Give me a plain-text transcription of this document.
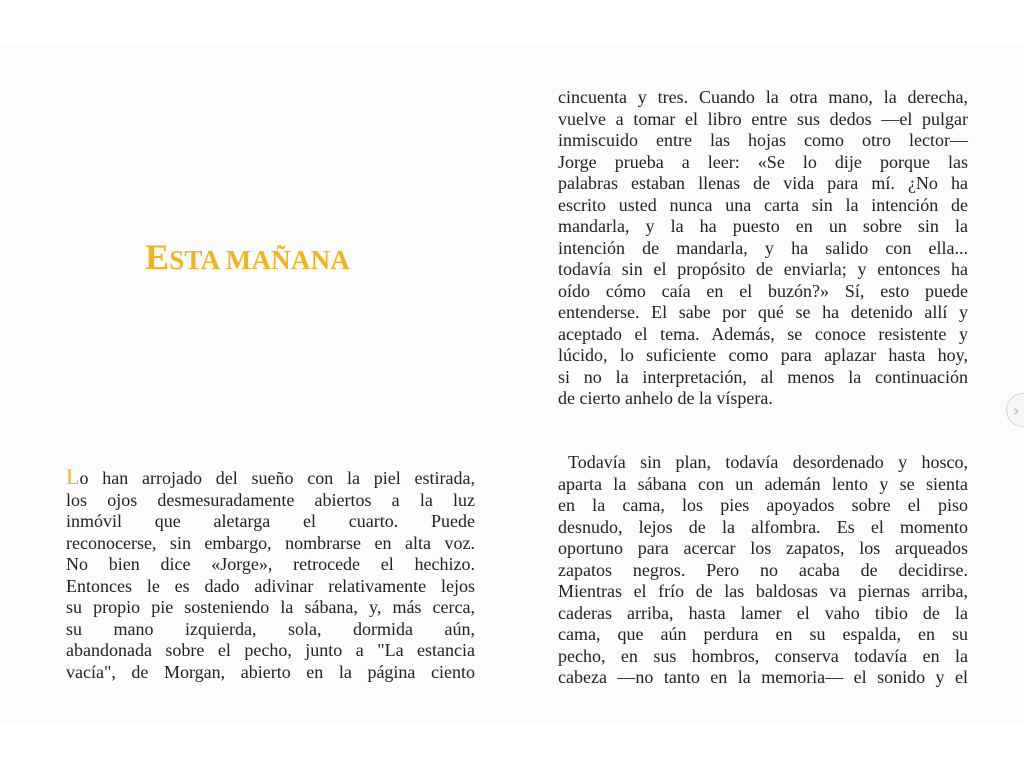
ESTA MAÑANA

Lo han arrojado del sueño con la piel estirada,
los ojos desmesuradamente abiertos a la luz
inmóvil que aletarga el cuarto. Puede
reconocerse, sin embargo, nombrarse en alta voz.
No bien dice «Jorge», retrocede el hechizo.
Entonces le es dado adivinar relativamente lejos
su propio pie sosteniendo la sábana, y, más cerca,
su mano izquierda, sola, dormida aún,
abandonada sobre el pecho, junto a "La estancia
vacía", de Morgan, abierto en la página ciento

cincuenta y tres. Cuando la otra mano, la derecha,
vuelve a tomar el libro entre sus dedos —el pulgar
inmiscuido entre las hojas como otro lector—
Jorge prueba a leer: «Se lo dije porque las
palabras estaban llenas de vida para mí. ¿No ha
escrito usted nunca una carta sin la intención de
mandarla, y la ha puesto en un sobre sin la
intención de mandarla, y ha salido con ella...
todavía sin el propósito de enviarla; y entonces ha
oído cómo caía en el buzón?» Sí, esto puede
entenderse. El sabe por qué se ha detenido allí y
aceptado el tema. Además, se conoce resistente y
lúcido, lo suficiente como para aplazar hasta hoy,
si no la interpretación, al menos la continuación
de cierto anhelo de la víspera.

Todavía sin plan, todavía desordenado y hosco,
aparta la sábana con un ademán lento y se sienta
en la cama, los pies apoyados sobre el piso
desnudo, lejos de la alfombra. Es el momento
oportuno para acercar los zapatos, los arqueados
zapatos negros. Pero no acaba de decidirse.
Mientras el frío de las baldosas va piernas arriba,
caderas arriba, hasta lamer el vaho tibio de la
cama, que aún perdura en su espalda, en su
pecho, en sus hombros, conserva todavía en la
cabeza —no tanto en la memoria— el sonido y el

›
